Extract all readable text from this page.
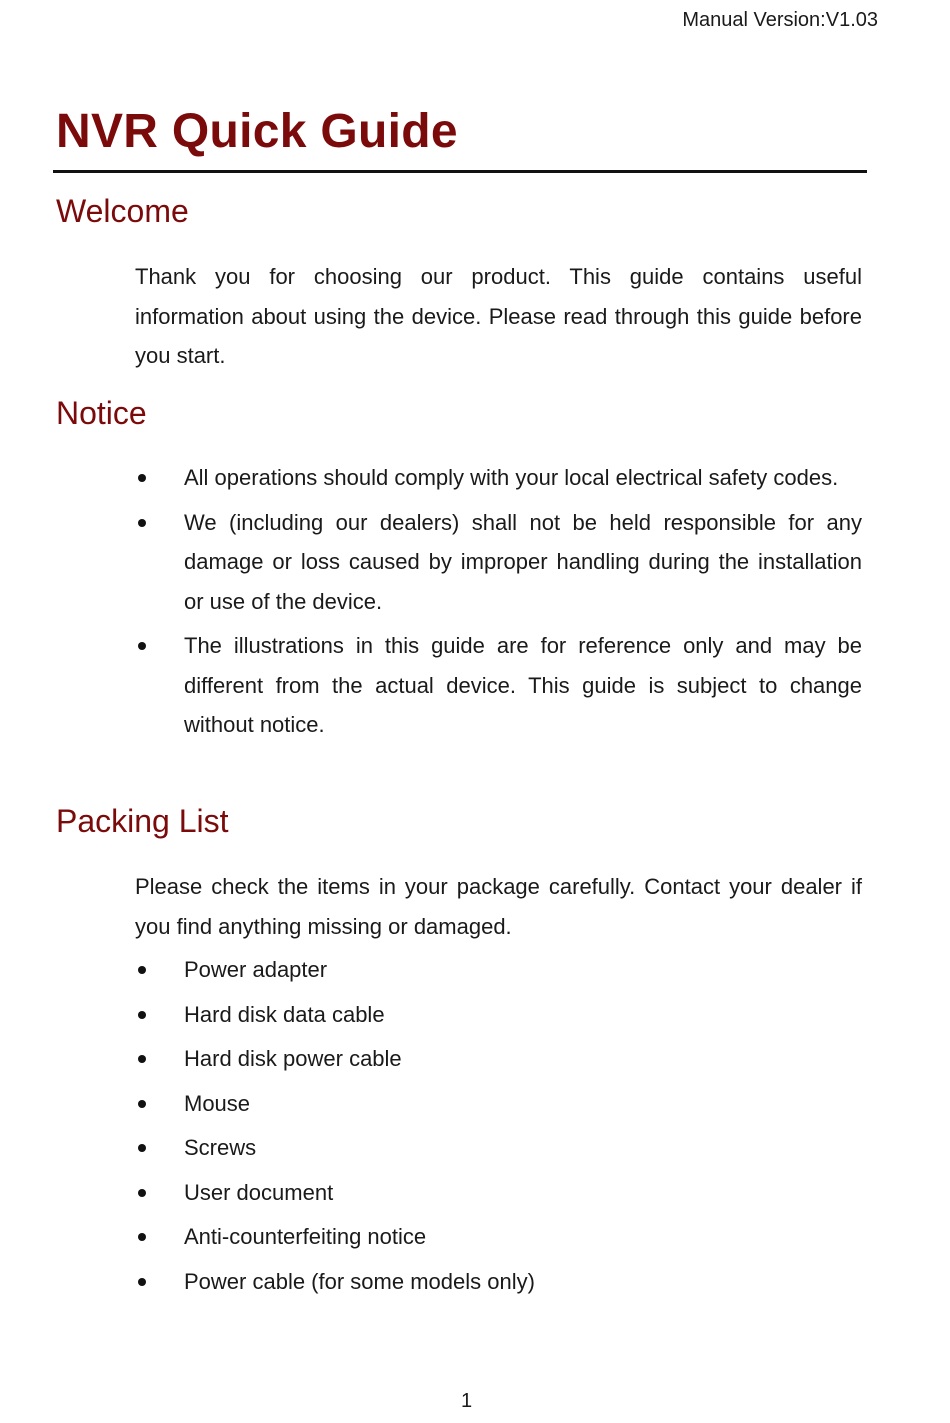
Manual Version:V1.03
NVR Quick Guide
Welcome

Thank you for choosing our product. This guide contains useful information about using the device. Please read through this guide before you start.

Notice
All operations should comply with your local electrical safety codes.
We (including our dealers) shall not be held responsible for any damage or loss caused by improper handling during the installation or use of the device.
The illustrations in this guide are for reference only and may be different from the actual device. This guide is subject to change without notice.
Packing List

Please check the items in your package carefully. Contact your dealer if you find anything missing or damaged.

Power adapter
Hard disk data cable
Hard disk power cable
Mouse
Screws
User document
Anti-counterfeiting notice
Power cable (for some models only)
1
